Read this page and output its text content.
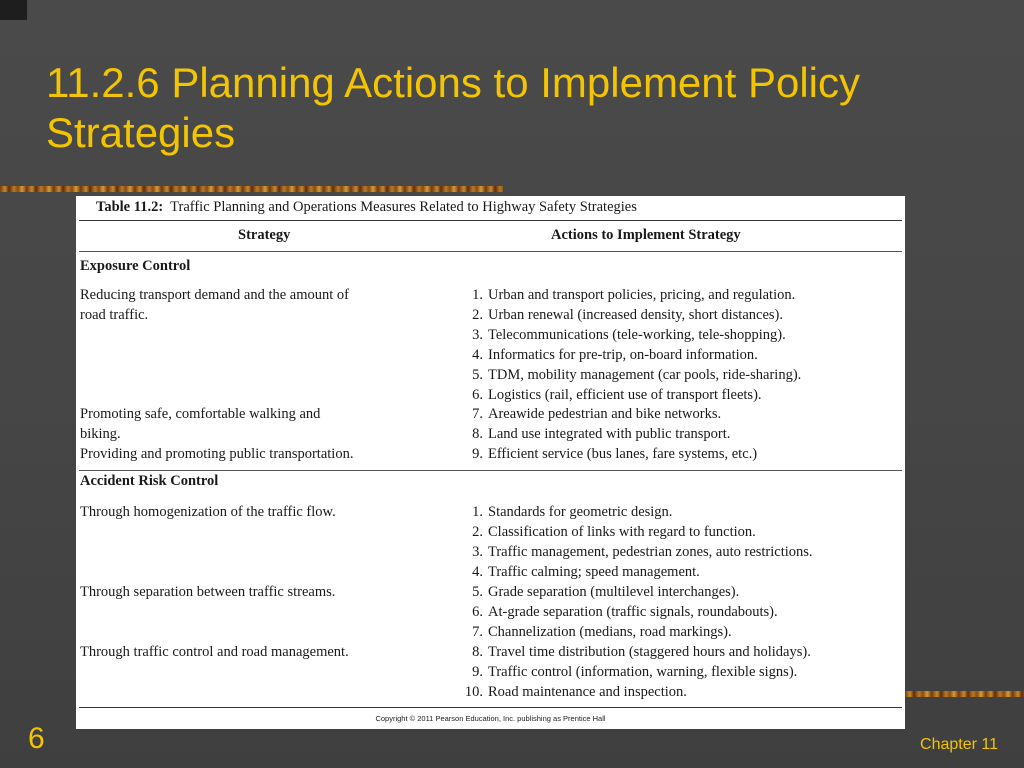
11.2.6 Planning Actions to Implement Policy Strategies
Table 11.2: Traffic Planning and Operations Measures Related to Highway Safety Strategies
Strategy	Actions to Implement Strategy
Exposure Control
Reducing transport demand and the amount of
road traffic.
Promoting safe, comfortable walking and
biking.
Providing and promoting public transportation.
1. Urban and transport policies, pricing, and regulation.
2. Urban renewal (increased density, short distances).
3. Telecommunications (tele-working, tele-shopping).
4. Informatics for pre-trip, on-board information.
5. TDM, mobility management (car pools, ride-sharing).
6. Logistics (rail, efficient use of transport fleets).
7. Areawide pedestrian and bike networks.
8. Land use integrated with public transport.
9. Efficient service (bus lanes, fare systems, etc.)
Accident Risk Control
Through homogenization of the traffic flow.
Through separation between traffic streams.
Through traffic control and road management.
1. Standards for geometric design.
2. Classification of links with regard to function.
3. Traffic management, pedestrian zones, auto restrictions.
4. Traffic calming; speed management.
5. Grade separation (multilevel interchanges).
6. At-grade separation (traffic signals, roundabouts).
7. Channelization (medians, road markings).
8. Travel time distribution (staggered hours and holidays).
9. Traffic control (information, warning, flexible signs).
10. Road maintenance and inspection.
Copyright © 2011 Pearson Education, Inc. publishing as Prentice Hall
6	Chapter 11
